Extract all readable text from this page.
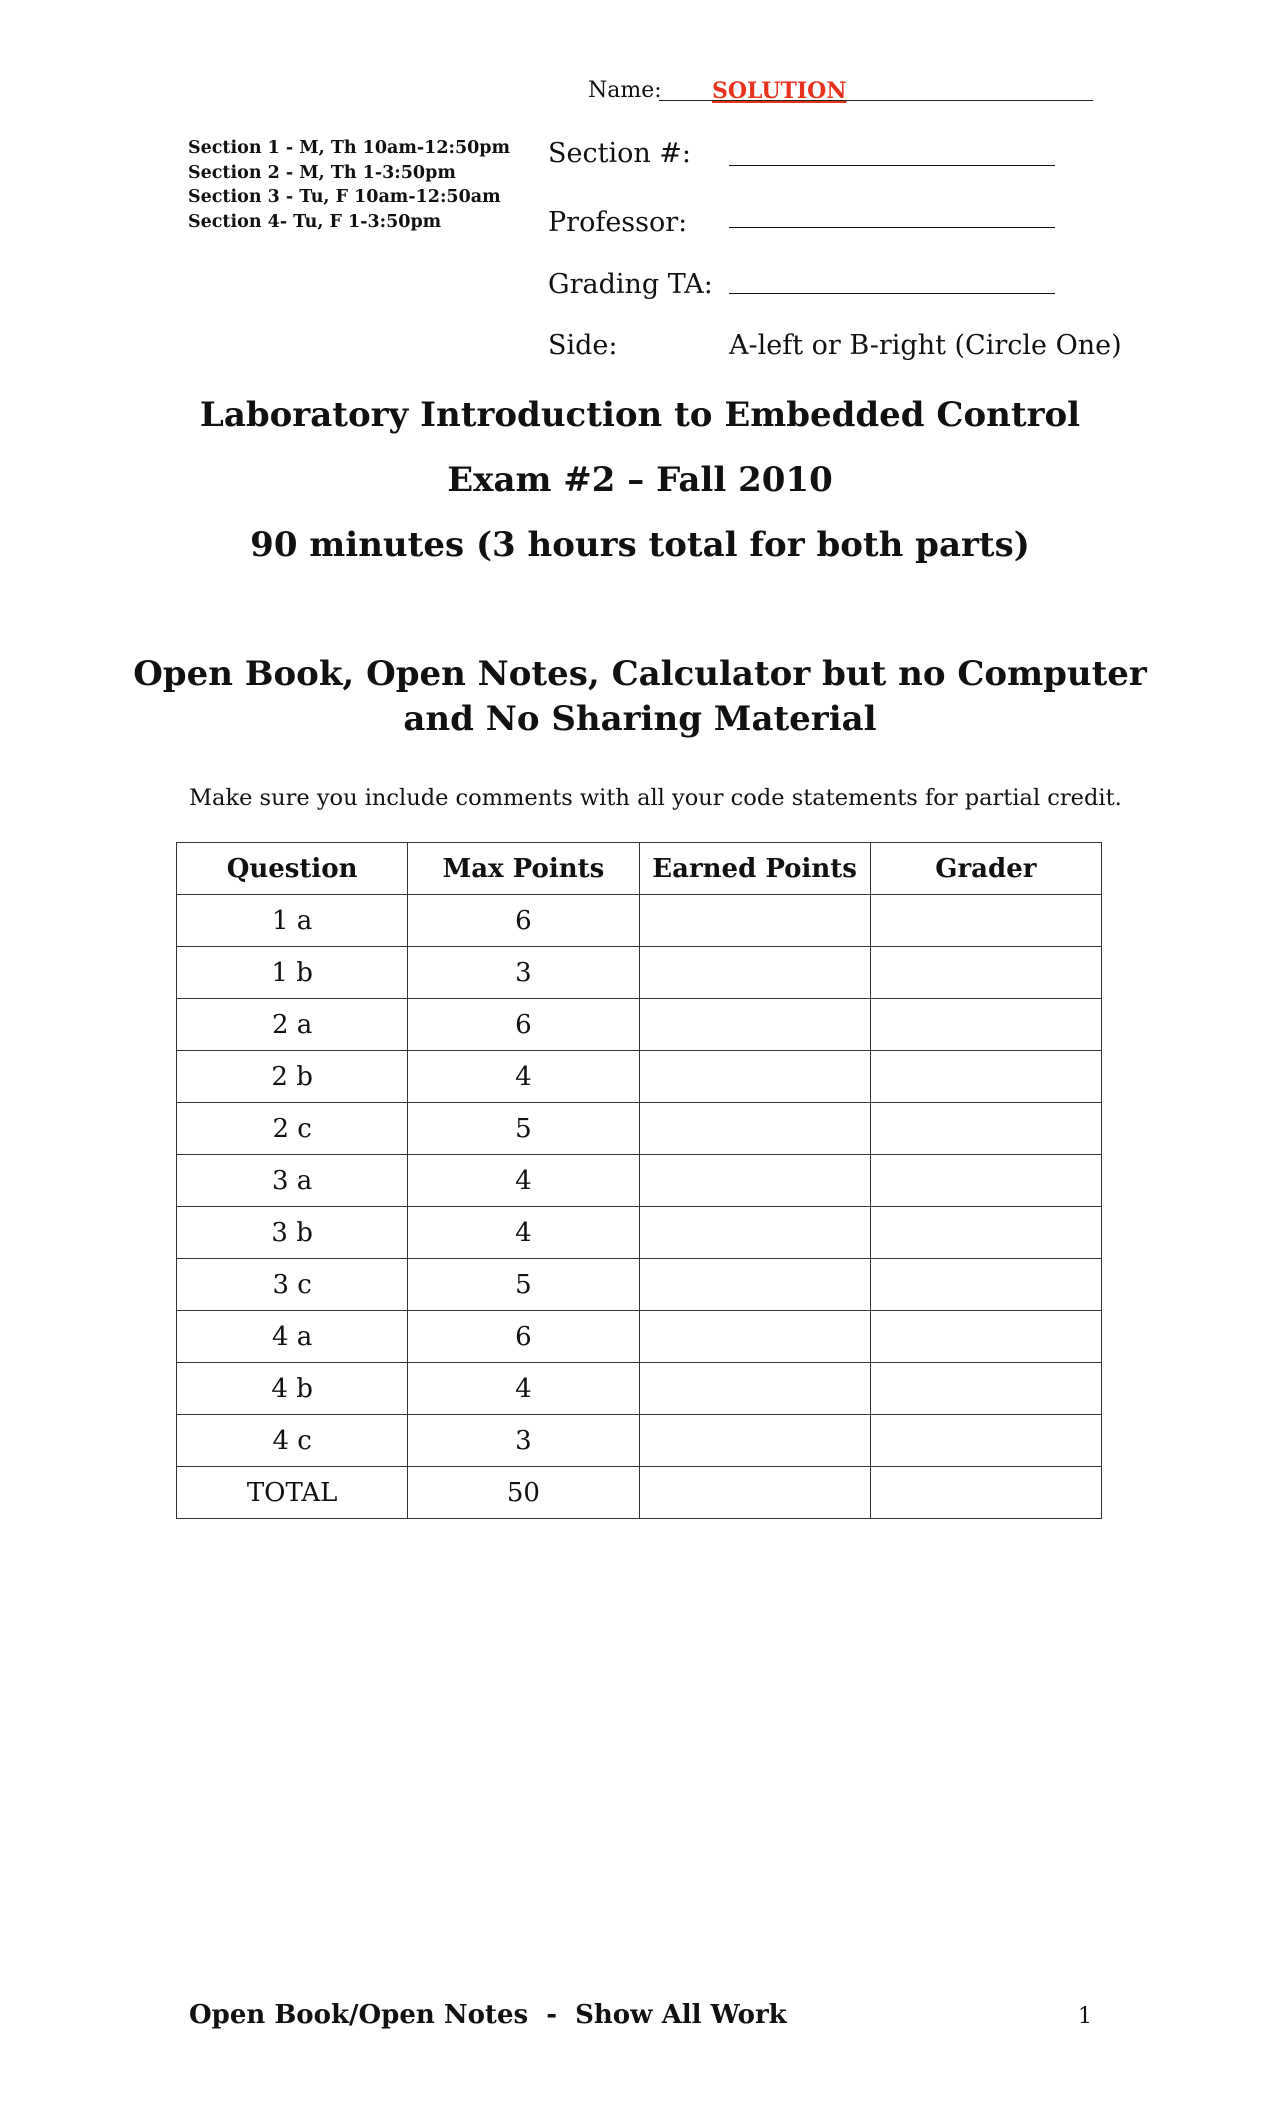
Name: SOLUTION
Section 1 - M, Th 10am-12:50pm
Section 2 - M, Th 1-3:50pm
Section 3 - Tu, F 10am-12:50am
Section 4- Tu, F 1-3:50pm
Section #:
Professor:
Grading TA:
Side:	A-left or B-right (Circle One)
Laboratory Introduction to Embedded Control
Exam #2 – Fall 2010
90 minutes (3 hours total for both parts)
Open Book, Open Notes, Calculator but no Computer
and No Sharing Material
Make sure you include comments with all your code statements for partial credit.
Question	Max Points	Earned Points	Grader
1 a	6		
1 b	3		
2 a	6		
2 b	4		
2 c	5		
3 a	4		
3 b	4		
3 c	5		
4 a	6		
4 b	4		
4 c	3		
TOTAL	50		
Open Book/Open Notes  -  Show All Work	1
